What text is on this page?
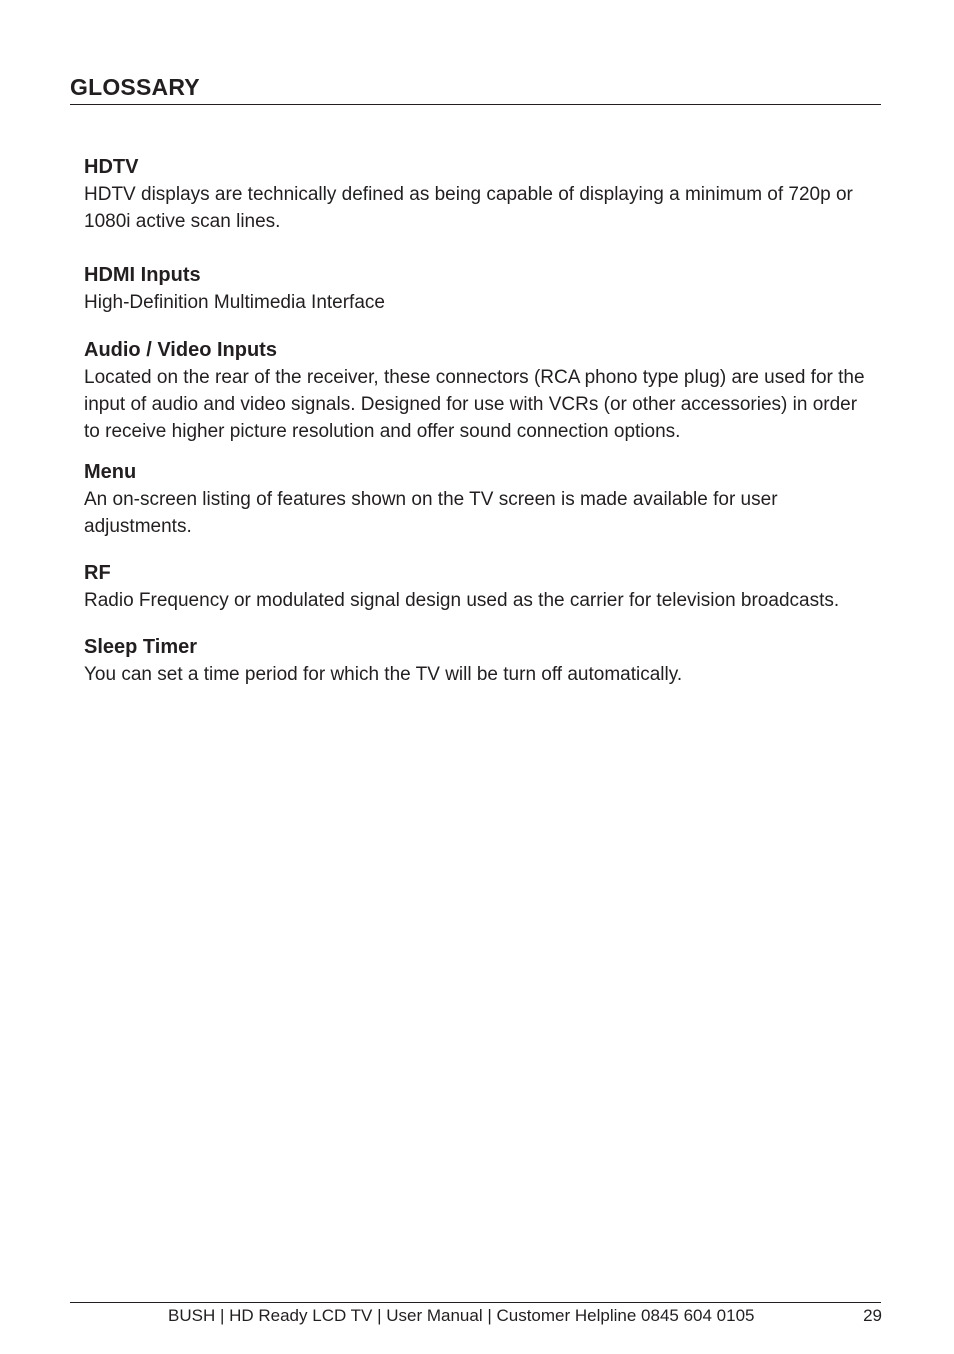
GLOSSARY

HDTV

HDTV displays are technically defined as being capable of displaying a minimum of 720p or 1080i active scan lines.

HDMI Inputs

High-Definition Multimedia Interface

Audio / Video Inputs

Located on the rear of the receiver, these connectors (RCA phono type plug) are used for the input of audio and video signals. Designed for use with VCRs (or other accessories) in order to receive higher picture resolution and offer sound connection options.

Menu

An on-screen listing of features shown on the TV screen is made available for user adjustments.

RF

Radio Frequency or modulated signal design used as the carrier for television broadcasts.

Sleep Timer

You can set a time period for which the TV will be turn off automatically.

BUSH | HD Ready LCD TV | User Manual | Customer Helpline 0845 604 0105	29
